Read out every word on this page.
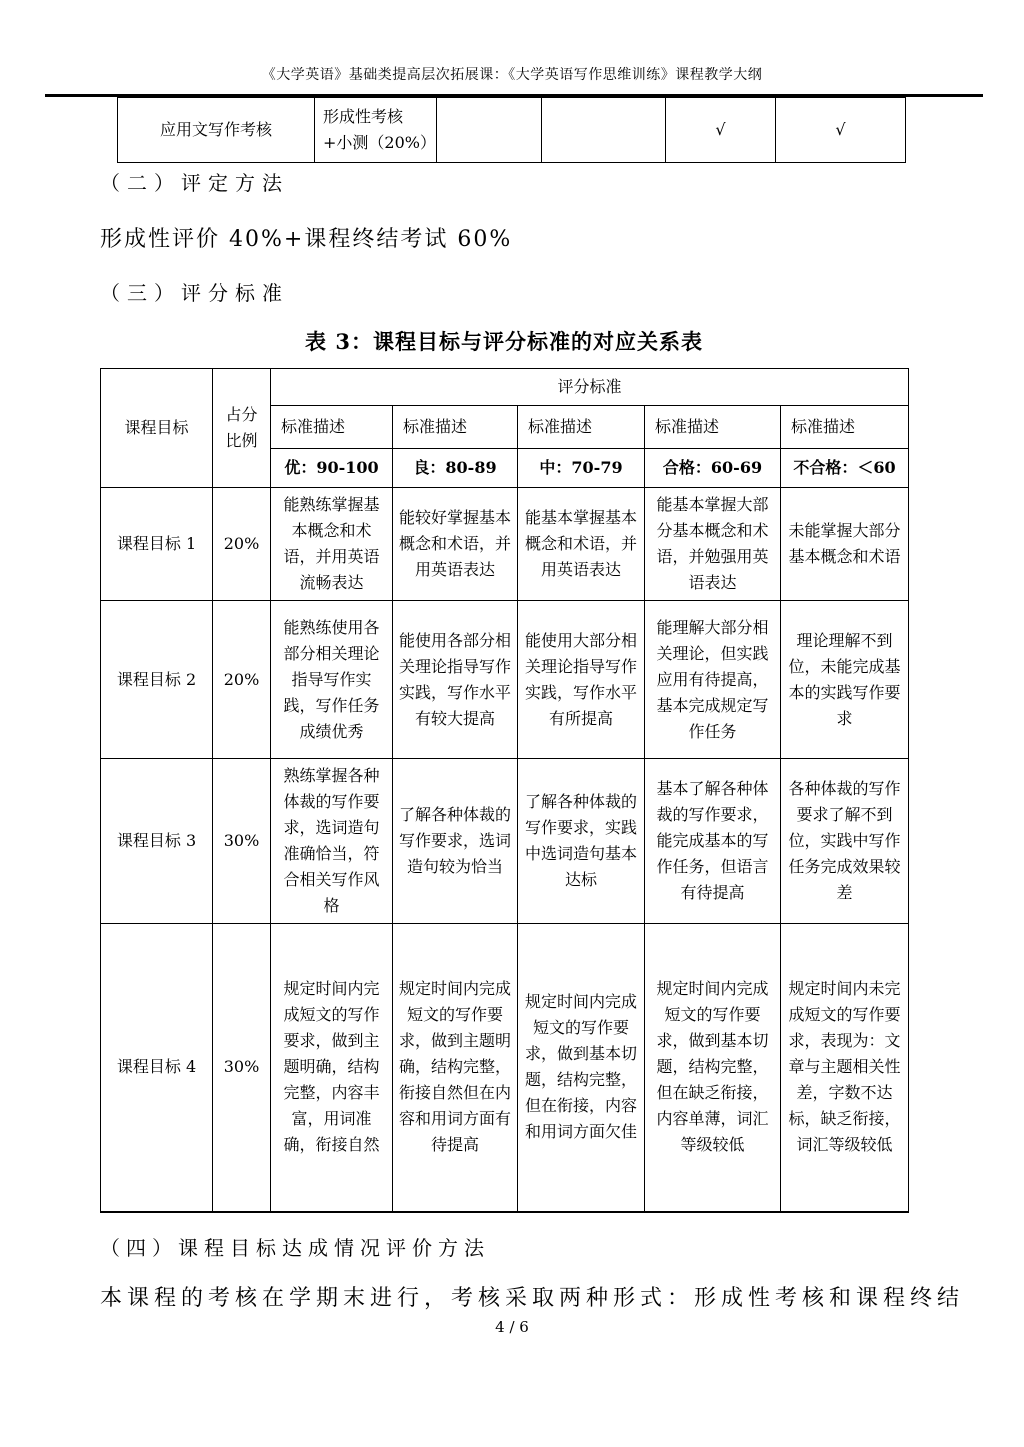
《大学英语》基础类提高层次拓展课：《大学英语写作思维训练》课程教学大纲
应用文写作考核	形成性考核+小测（20%）			√	√
（二）评定方法
形成性评价 40%+课程终结考试 60%
（三）评分标准
表 3：课程目标与评分标准的对应关系表
课程目标	占分比例	评分标准				
		标准描述	标准描述	标准描述	标准描述	标准描述
		优：90-100	良：80-89	中：70-79	合格：60-69	不合格：＜60
课程目标 1	20%	能熟练掌握基本概念和术语，并用英语流畅表达	能较好掌握基本概念和术语，并用英语表达	能基本掌握基本概念和术语，并用英语表达	能基本掌握大部分基本概念和术语，并勉强用英语表达	未能掌握大部分基本概念和术语
课程目标 2	20%	能熟练使用各部分相关理论指导写作实践，写作任务成绩优秀	能使用各部分相关理论指导写作实践，写作水平有较大提高	能使用大部分相关理论指导写作实践，写作水平有所提高	能理解大部分相关理论，但实践应用有待提高，基本完成规定写作任务	理论理解不到位，未能完成基本的实践写作要求
课程目标 3	30%	熟练掌握各种体裁的写作要求，选词造句准确恰当，符合相关写作风格	了解各种体裁的写作要求，选词造句较为恰当	了解各种体裁的写作要求，实践中选词造句基本达标	基本了解各种体裁的写作要求，能完成基本的写作任务，但语言有待提高	各种体裁的写作要求了解不到位，实践中写作任务完成效果较差
课程目标 4	30%	规定时间内完成短文的写作要求，做到主题明确，结构完整，内容丰富，用词准确，衔接自然	规定时间内完成短文的写作要求，做到主题明确，结构完整，衔接自然但在内容和用词方面有待提高	规定时间内完成短文的写作要求，做到基本切题，结构完整，但在衔接，内容和用词方面欠佳	规定时间内完成短文的写作要求，做到基本切题，结构完整，但在缺乏衔接，内容单薄，词汇等级较低	规定时间内未完成短文的写作要求，表现为：文章与主题相关性差，字数不达标，缺乏衔接，词汇等级较低
（四）课程目标达成情况评价方法
本课程的考核在学期末进行，考核采取两种形式：形成性考核和课程终结
4 / 6
